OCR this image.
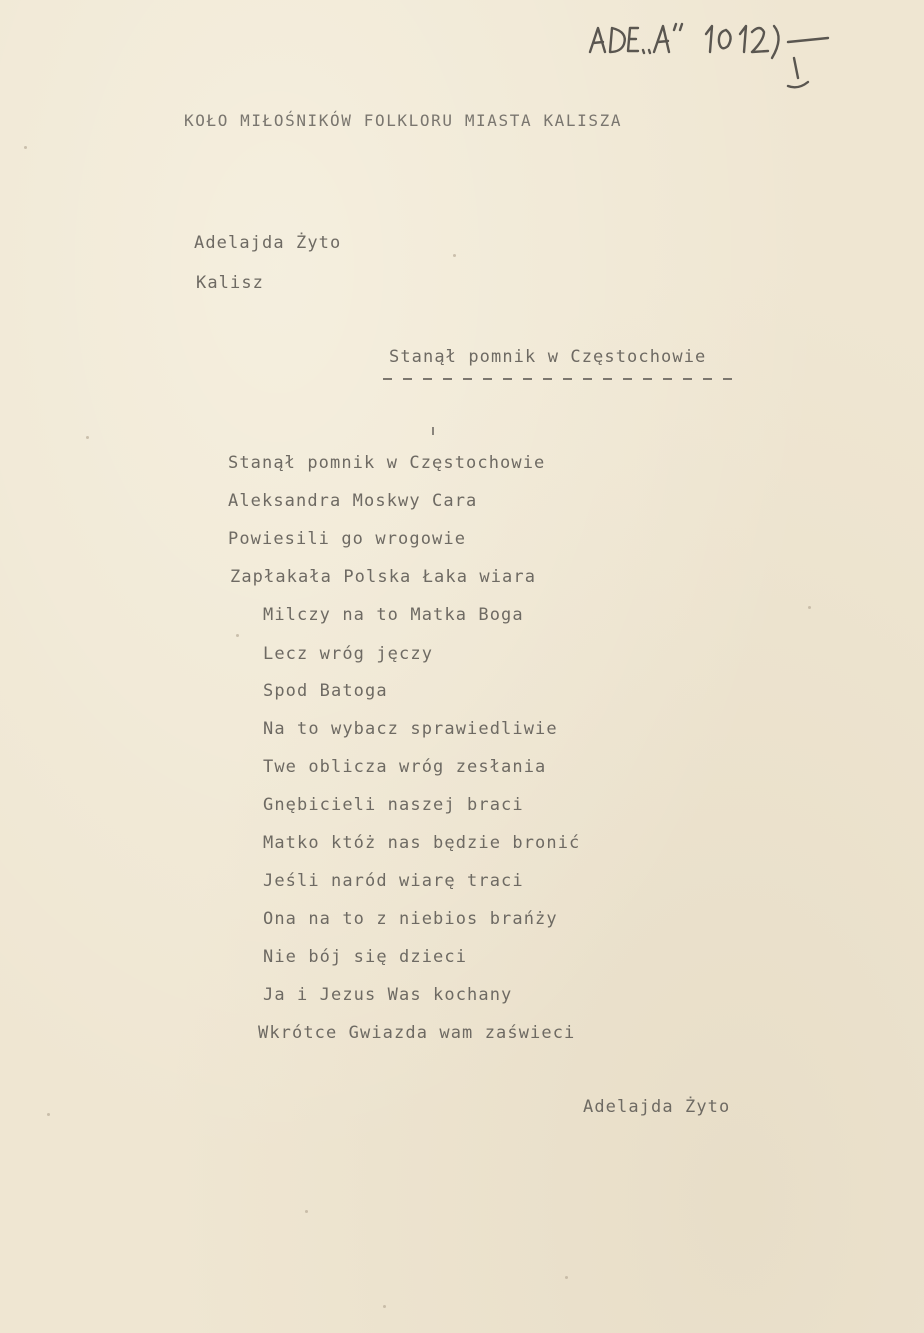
KOŁO MIŁOŚNIKÓW FOLKLORU MIASTA KALISZA
Adelajda Żyto
Kalisz
Stanął pomnik w Częstochowie
Stanął pomnik w Częstochowie
Aleksandra Moskwy Cara
Powiesili go wrogowie
Zapłakała Polska Łaka wiara
Milczy na to Matka Boga
Lecz wróg jęczy
Spod Batoga
Na to wybacz sprawiedliwie
Twe oblicza wróg zesłania
Gnębicieli naszej braci
Matko któż nas będzie bronić
Jeśli naród wiarę traci
Ona na to z niebios brańży
Nie bój się dzieci
Ja i Jezus Was kochany
Wkrótce Gwiazda wam zaświeci
Adelajda Żyto
